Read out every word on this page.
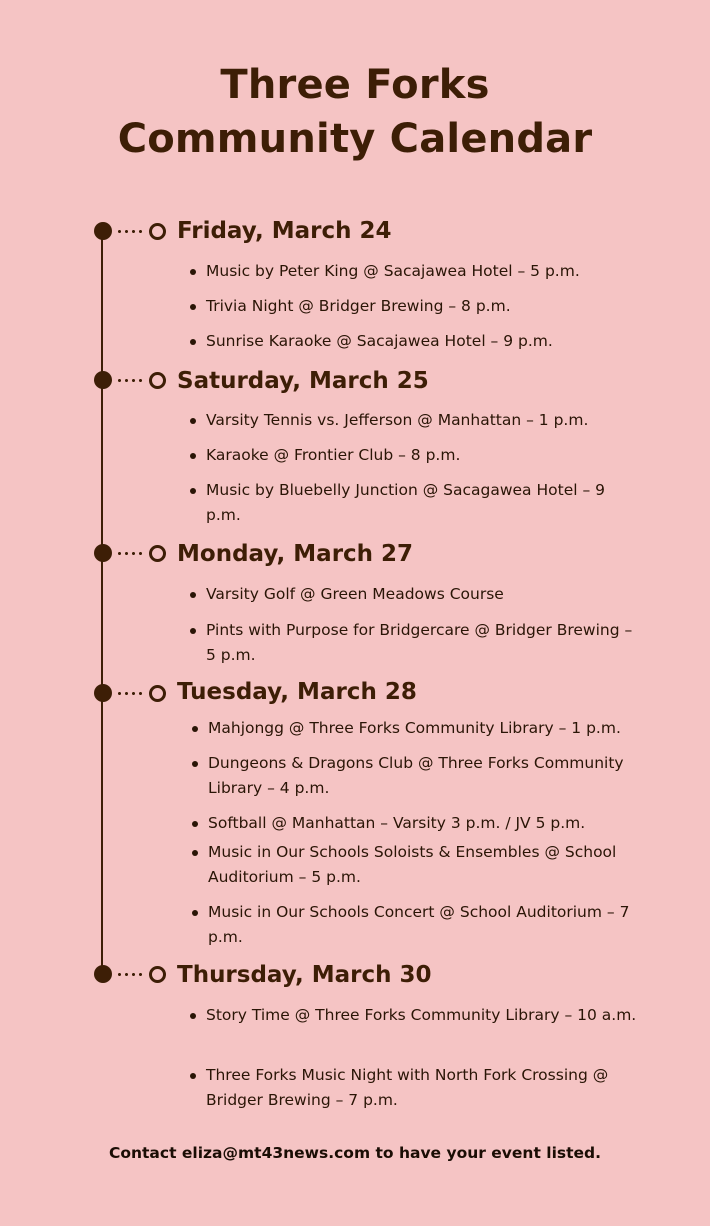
Three Forks
Community Calendar
Friday, March 24
Music by Peter King @ Sacajawea Hotel – 5 p.m.
Trivia Night @ Bridger Brewing – 8 p.m.
Sunrise Karaoke @ Sacajawea Hotel – 9 p.m.
Saturday, March 25
Varsity Tennis vs. Jefferson @ Manhattan – 1 p.m.
Karaoke @ Frontier Club – 8 p.m.
Music by Bluebelly Junction @ Sacagawea Hotel – 9 p.m.
Monday, March 27
Varsity Golf @ Green Meadows Course
Pints with Purpose for Bridgercare @ Bridger Brewing – 5 p.m.
Tuesday, March 28
Mahjongg @ Three Forks Community Library – 1 p.m.
Dungeons & Dragons Club @ Three Forks Community Library – 4 p.m.
Softball @ Manhattan – Varsity 3 p.m. / JV 5 p.m.
Music in Our Schools Soloists & Ensembles @ School Auditorium – 5 p.m.
Music in Our Schools Concert @ School Auditorium – 7 p.m.
Thursday, March 30
Story Time @ Three Forks Community Library – 10 a.m.
Three Forks Music Night with North Fork Crossing @ Bridger Brewing – 7 p.m.
Contact eliza@mt43news.com to have your event listed.
